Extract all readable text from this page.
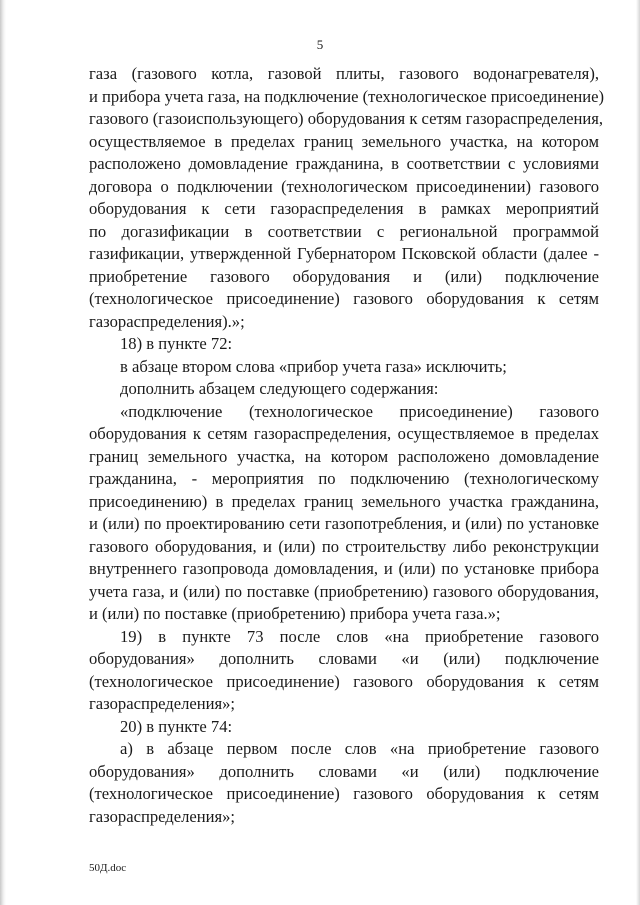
5
газа (газового котла, газовой плиты, газового водонагревателя),
и прибора учета газа, на подключение (технологическое присоединение)
газового (газоиспользующего) оборудования к сетям газораспределения,
осуществляемое в пределах границ земельного участка, на котором
расположено домовладение гражданина, в соответствии с условиями
договора о подключении (технологическом присоединении) газового
оборудования к сети газораспределения в рамках мероприятий
по догазификации в соответствии с региональной программой
газификации, утвержденной Губернатором Псковской области (далее -
приобретение газового оборудования и (или) подключение
(технологическое присоединение) газового оборудования к сетям
газораспределения).»;
18) в пункте 72:
в абзаце втором слова «прибор учета газа» исключить;
дополнить абзацем следующего содержания:
«подключение (технологическое присоединение) газового
оборудования к сетям газораспределения, осуществляемое в пределах
границ земельного участка, на котором расположено домовладение
гражданина, - мероприятия по подключению (технологическому
присоединению) в пределах границ земельного участка гражданина,
и (или) по проектированию сети газопотребления, и (или) по установке
газового оборудования, и (или) по строительству либо реконструкции
внутреннего газопровода домовладения, и (или) по установке прибора
учета газа, и (или) по поставке (приобретению) газового оборудования,
и (или) по поставке (приобретению) прибора учета газа.»;
19) в пункте 73 после слов «на приобретение газового
оборудования» дополнить словами «и (или) подключение
(технологическое присоединение) газового оборудования к сетям
газораспределения»;
20) в пункте 74:
а) в абзаце первом после слов «на приобретение газового
оборудования» дополнить словами «и (или) подключение
(технологическое присоединение) газового оборудования к сетям
газораспределения»;
50Д.doc
